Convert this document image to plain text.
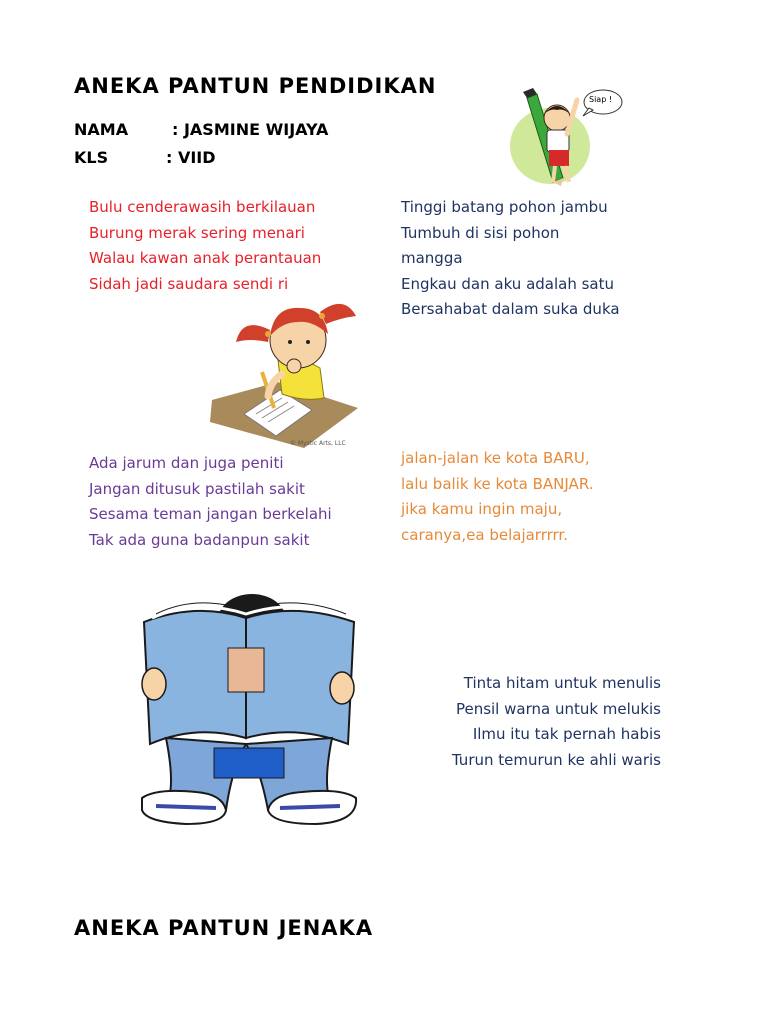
ANEKA PANTUN PENDIDIKAN
NAMA	: JASMINE WIJAYA
KLS	: VIID
Siap !
Bulu cenderawasih berkilauan
Burung merak sering menari
Walau kawan anak perantauan
Sidah jadi saudara sendi ri
Tinggi batang pohon jambu
Tumbuh di sisi pohon
mangga
Engkau dan aku adalah satu
Bersahabat dalam suka duka
© Mystic Arts, LLC
Ada jarum dan juga peniti
Jangan ditusuk pastilah sakit
Sesama teman jangan berkelahi
Tak ada guna badanpun sakit
jalan-jalan ke kota BARU,
lalu balik ke kota BANJAR.
jika kamu ingin maju,
caranya,ea belajarrrrr.
Tinta hitam untuk menulis
Pensil warna untuk melukis
Ilmu itu tak pernah habis
Turun temurun ke ahli waris
ANEKA PANTUN JENAKA
